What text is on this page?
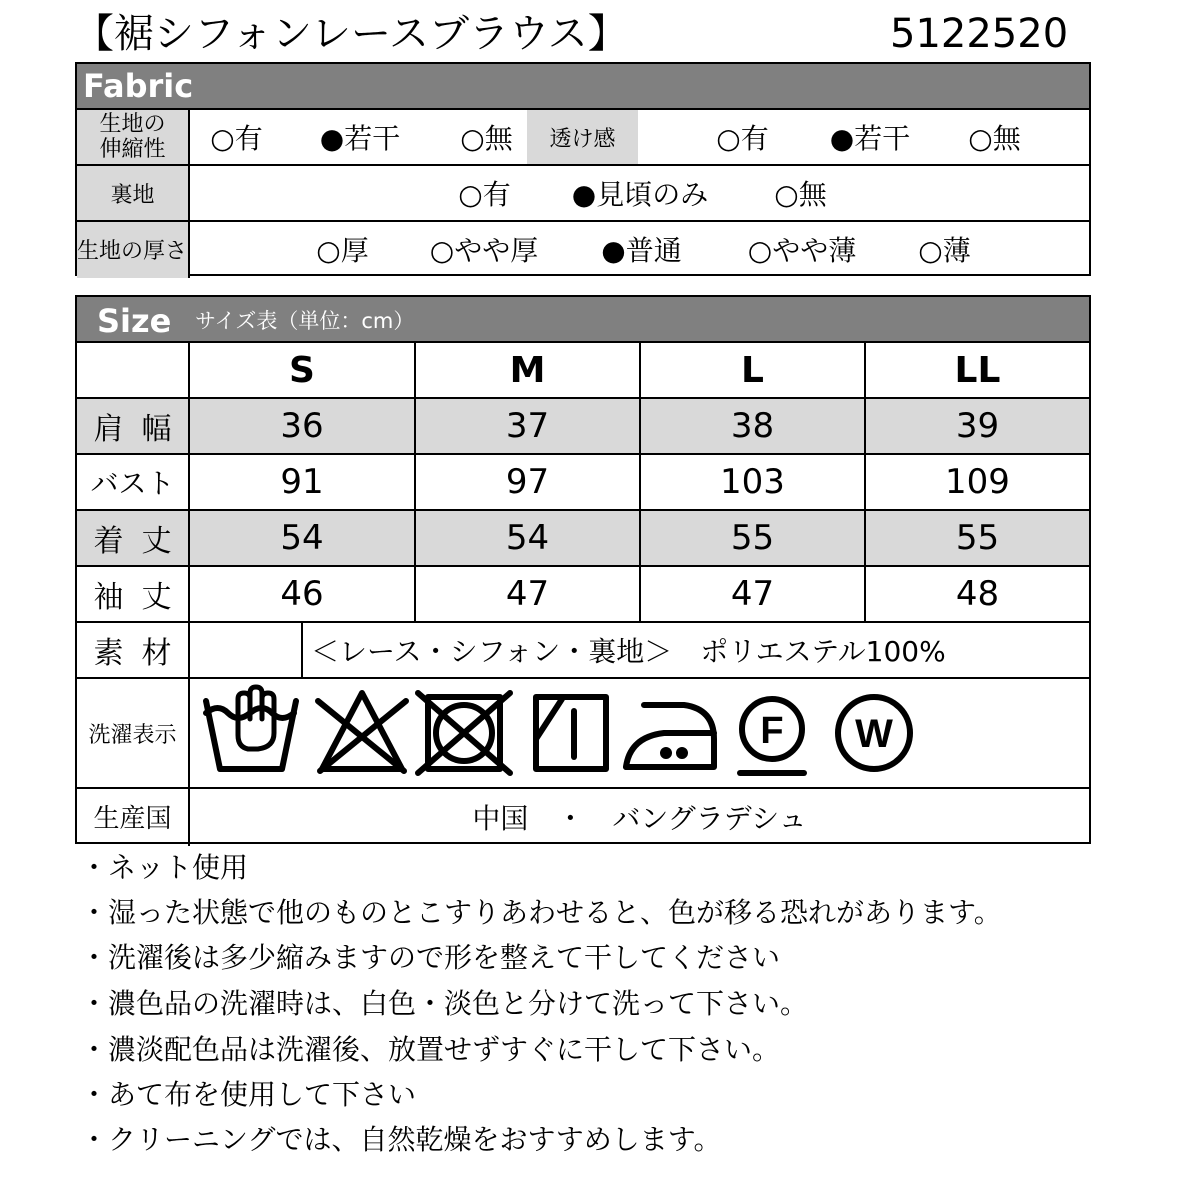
【裾シフォンレースブラウス】	5122520
Fabric
生地の
伸縮性	○有	●若干	○無	透け感	○有	●若干	○無
裏地	○有	●見頃のみ	○無
生地の厚さ	○厚	○やや厚	●普通	○やや薄	○薄
Size サイズ表（単位：cm）
S	M	L	LL
肩幅	36	37	38	39
バスト	91	97	103	109
着丈	54	54	55	55
袖丈	46	47	47	48
素材	＜レース・シフォン・裏地＞　ポリエステル100%
洗濯表示	F W
生産国	中国　・　バングラデシュ
・ネット使用
・湿った状態で他のものとこすりあわせると、色が移る恐れがあります。
・洗濯後は多少縮みますので形を整えて干してください
・濃色品の洗濯時は、白色・淡色と分けて洗って下さい。
・濃淡配色品は洗濯後、放置せずすぐに干して下さい。
・あて布を使用して下さい
・クリーニングでは、自然乾燥をおすすめします。
